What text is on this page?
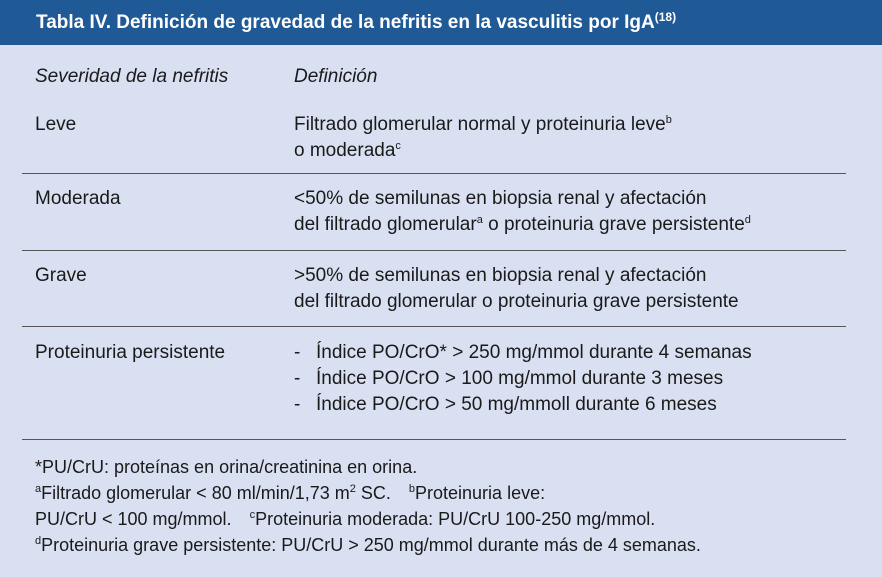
Tabla IV. Definición de gravedad de la nefritis en la vasculitis por IgA$^{(18)}$
Severidad de la nefritis	Definición
Leve	Filtrado glomerular normal y proteinuria leve$^b$
o moderada$^c$
Moderada	<50% de semilunas en biopsia renal y afectación
del filtrado glomerular$^a$ o proteinuria grave persistente$^d$
Grave	>50% de semilunas en biopsia renal y afectación
del filtrado glomerular o proteinuria grave persistente
Proteinuria persistente	- Índice PO/CrO* > 250 mg/mmol durante 4 semanas
- Índice PO/CrO > 100 mg/mmol durante 3 meses
- Índice PO/CrO > 50 mg/mmoll durante 6 meses
*PU/CrU: proteínas en orina/creatinina en orina.
$^a$Filtrado glomerular < 80 ml/min/1,73 $m^2$ SC. $^b$Proteinuria leve:
PU/CrU < 100 mg/mmol. $^c$Proteinuria moderada: PU/CrU 100-250 mg/mmol.
$^d$Proteinuria grave persistente: PU/CrU > 250 mg/mmol durante más de 4 semanas.
